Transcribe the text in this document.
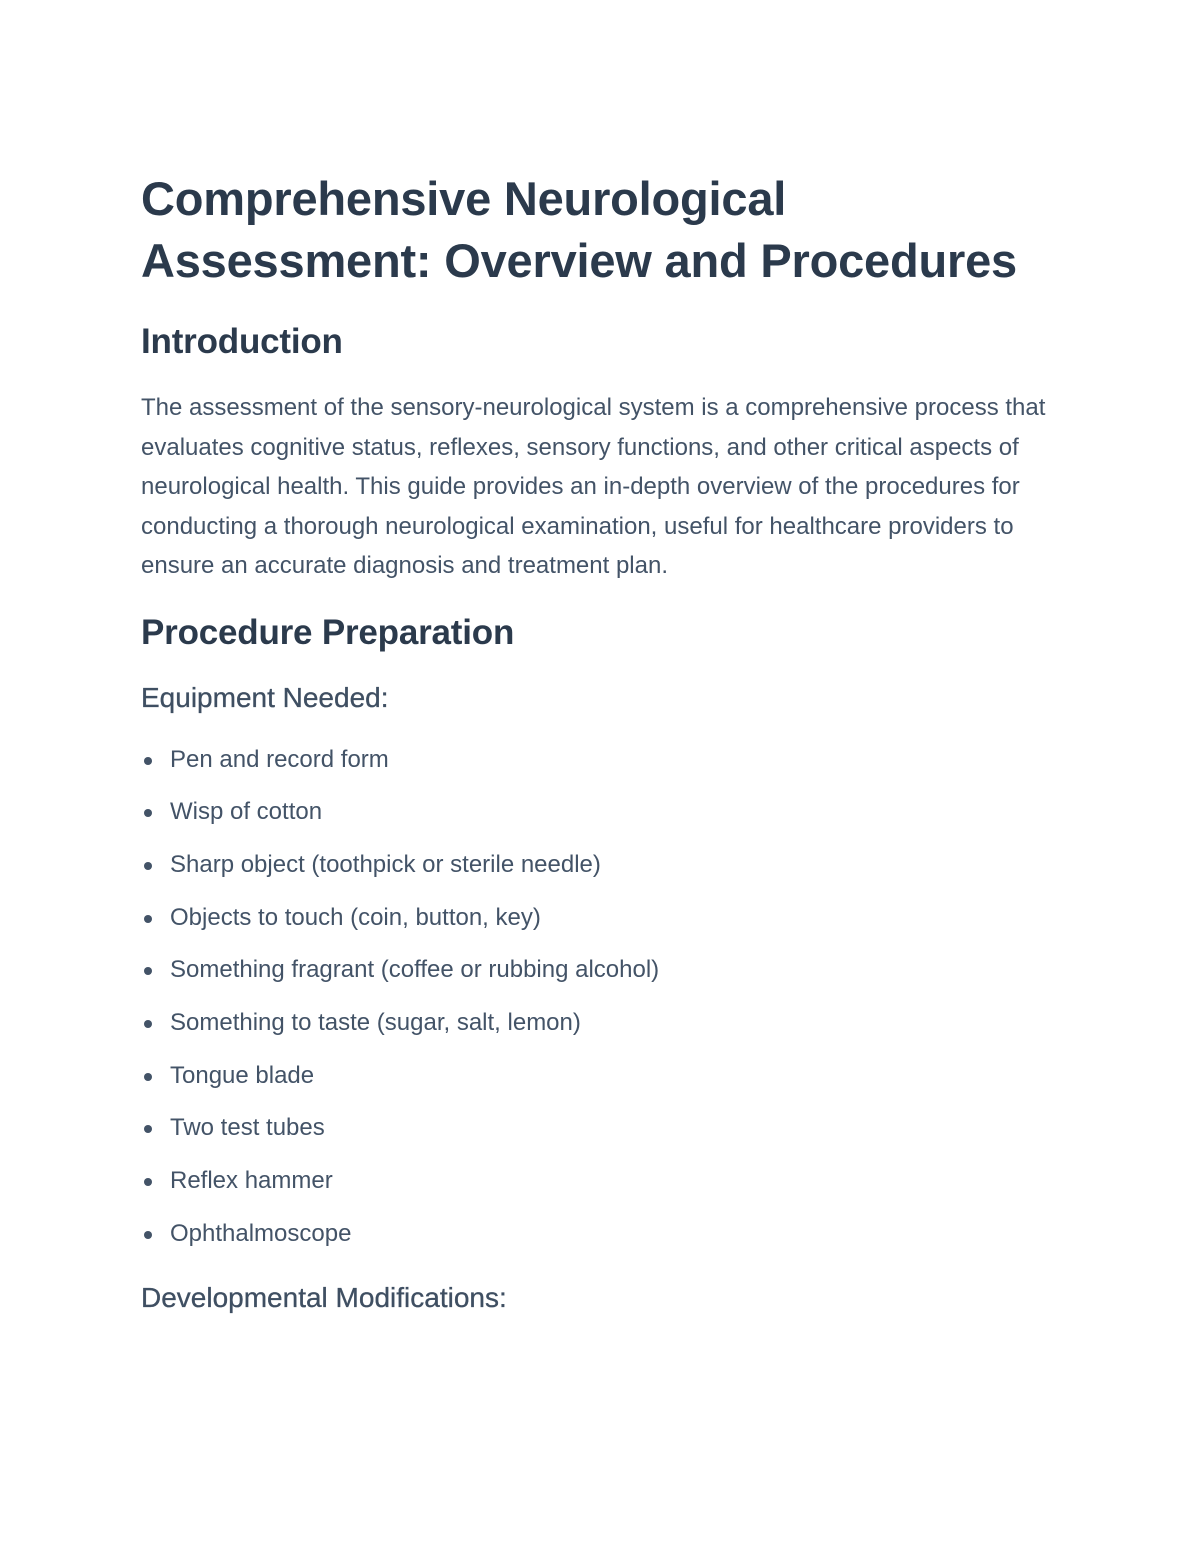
Comprehensive Neurological Assessment: Overview and Procedures
Introduction

The assessment of the sensory-neurological system is a comprehensive process that evaluates cognitive status, reflexes, sensory functions, and other critical aspects of neurological health. This guide provides an in-depth overview of the procedures for conducting a thorough neurological examination, useful for healthcare providers to ensure an accurate diagnosis and treatment plan.

Procedure Preparation
Equipment Needed:
Pen and record form
Wisp of cotton
Sharp object (toothpick or sterile needle)
Objects to touch (coin, button, key)
Something fragrant (coffee or rubbing alcohol)
Something to taste (sugar, salt, lemon)
Tongue blade
Two test tubes
Reflex hammer
Ophthalmoscope
Developmental Modifications:
